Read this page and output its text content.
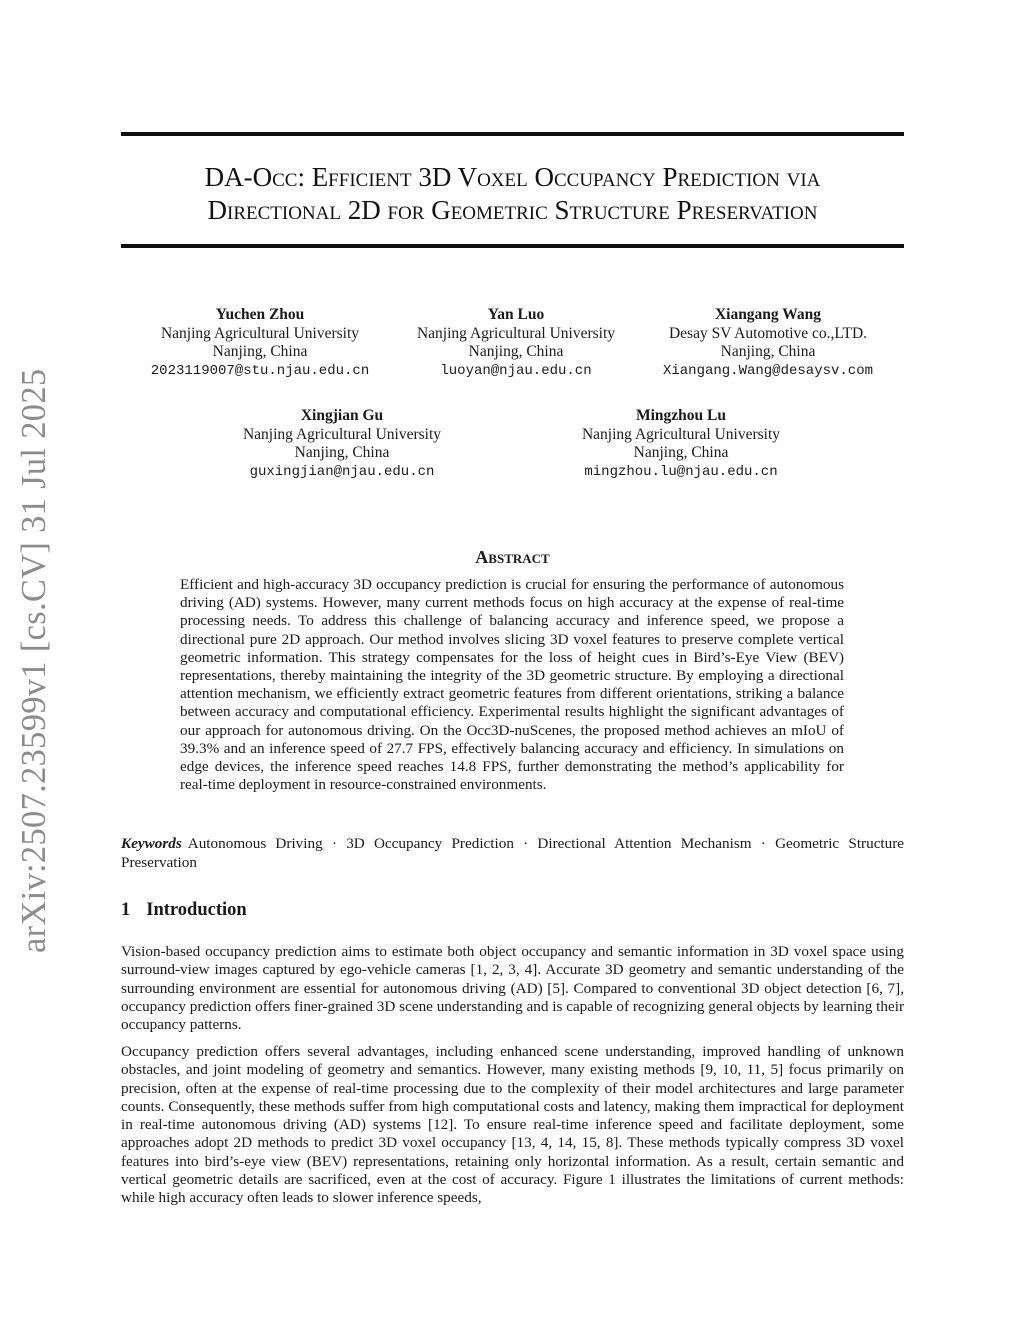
arXiv:2507.23599v1 [cs.CV] 31 Jul 2025
DA-Occ: Efficient 3D Voxel Occupancy Prediction via
Directional 2D for Geometric Structure Preservation
Yuchen Zhou
Nanjing Agricultural University
Nanjing, China
2023119007@stu.njau.edu.cn
Yan Luo
Nanjing Agricultural University
Nanjing, China
luoyan@njau.edu.cn
Xiangang Wang
Desay SV Automotive co.,LTD.
Nanjing, China
Xiangang.Wang@desaysv.com
Xingjian Gu
Nanjing Agricultural University
Nanjing, China
guxingjian@njau.edu.cn
Mingzhou Lu
Nanjing Agricultural University
Nanjing, China
mingzhou.lu@njau.edu.cn
Abstract

Efficient and high-accuracy 3D occupancy prediction is crucial for ensuring the performance of autonomous driving (AD) systems. However, many current methods focus on high accuracy at the expense of real-time processing needs. To address this challenge of balancing accuracy and inference speed, we propose a directional pure 2D approach. Our method involves slicing 3D voxel features to preserve complete vertical geometric information. This strategy compensates for the loss of height cues in Bird’s-Eye View (BEV) representations, thereby maintaining the integrity of the 3D geometric structure. By employing a directional attention mechanism, we efficiently extract geometric features from different orientations, striking a balance between accuracy and computational efficiency. Experimental results highlight the significant advantages of our approach for autonomous driving. On the Occ3D-nuScenes, the proposed method achieves an mIoU of 39.3% and an inference speed of 27.7 FPS, effectively balancing accuracy and efficiency. In simulations on edge devices, the inference speed reaches 14.8 FPS, further demonstrating the method’s applicability for real-time deployment in resource-constrained environments.

Keywords Autonomous Driving · 3D Occupancy Prediction · Directional Attention Mechanism · Geometric Structure Preservation

1 Introduction

Vision-based occupancy prediction aims to estimate both object occupancy and semantic information in 3D voxel space using surround-view images captured by ego-vehicle cameras [1, 2, 3, 4]. Accurate 3D geometry and semantic understanding of the surrounding environment are essential for autonomous driving (AD) [5]. Compared to conventional 3D object detection [6, 7], occupancy prediction offers finer-grained 3D scene understanding and is capable of recognizing general objects by learning their occupancy patterns.

Occupancy prediction offers several advantages, including enhanced scene understanding, improved handling of unknown obstacles, and joint modeling of geometry and semantics. However, many existing methods [9, 10, 11, 5] focus primarily on precision, often at the expense of real-time processing due to the complexity of their model architectures and large parameter counts. Consequently, these methods suffer from high computational costs and latency, making them impractical for deployment in real-time autonomous driving (AD) systems [12]. To ensure real-time inference speed and facilitate deployment, some approaches adopt 2D methods to predict 3D voxel occupancy [13, 4, 14, 15, 8]. These methods typically compress 3D voxel features into bird’s-eye view (BEV) representations, retaining only horizontal information. As a result, certain semantic and vertical geometric details are sacrificed, even at the cost of accuracy. Figure 1 illustrates the limitations of current methods: while high accuracy often leads to slower inference speeds,
